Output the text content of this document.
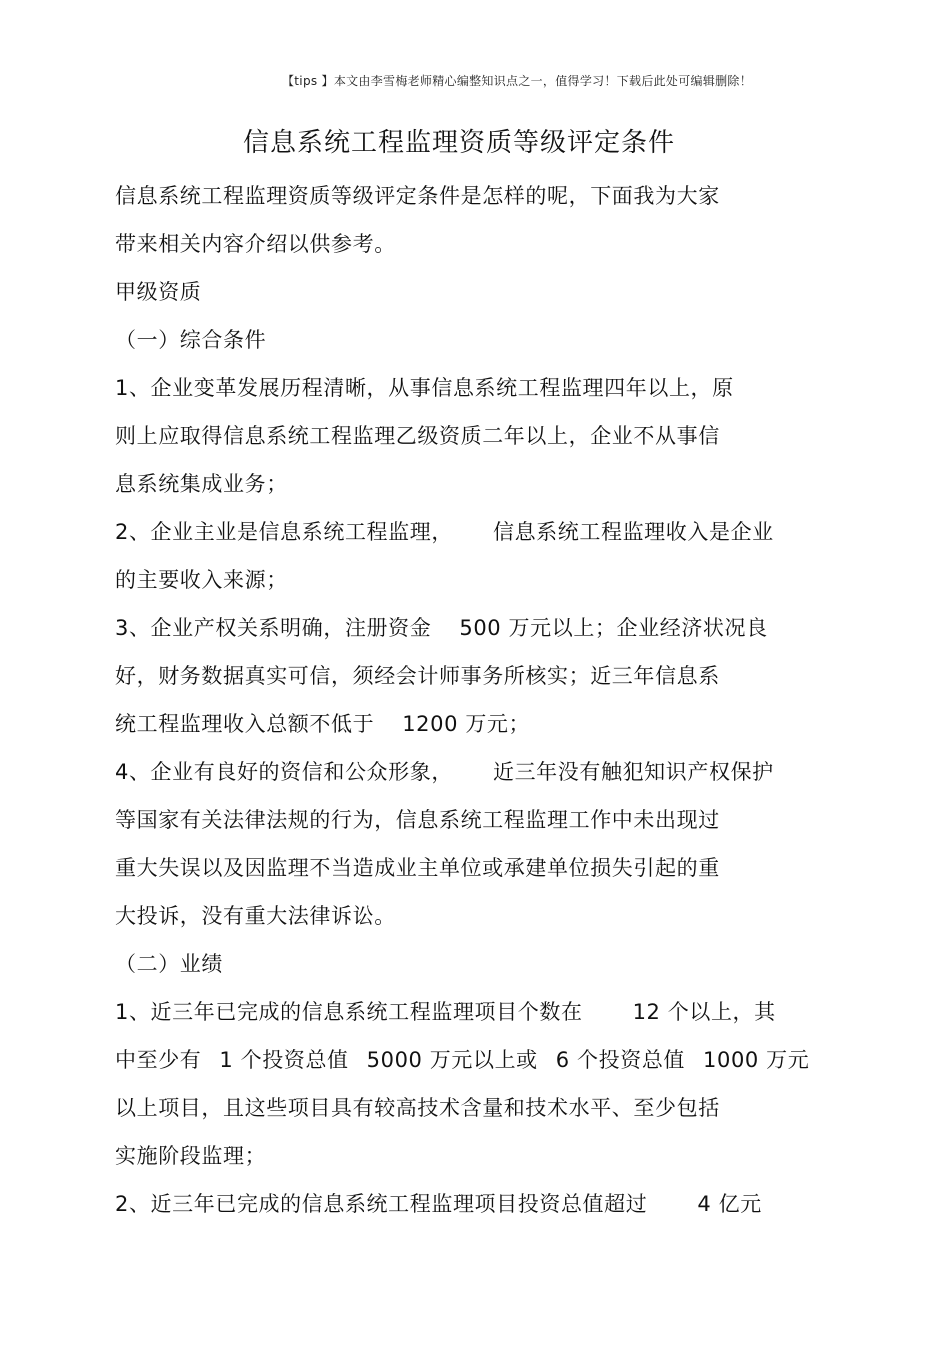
【tips 】本文由李雪梅老师精心编整知识点之一，值得学习！下载后此处可编辑删除！
信息系统工程监理资质等级评定条件
信息系统工程监理资质等级评定条件是怎样的呢，下面我为大家
带来相关内容介绍以供参考。
甲级资质
（一）综合条件
1、企业变革发展历程清晰，从事信息系统工程监理四年以上，原
则上应取得信息系统工程监理乙级资质二年以上，企业不从事信
息系统集成业务；
2、企业主业是信息系统工程监理， 信息系统工程监理收入是企业
的主要收入来源；
3、企业产权关系明确，注册资金 500 万元以上；企业经济状况良
好，财务数据真实可信，须经会计师事务所核实；近三年信息系
统工程监理收入总额不低于 1200 万元；
4、企业有良好的资信和公众形象， 近三年没有触犯知识产权保护
等国家有关法律法规的行为，信息系统工程监理工作中未出现过
重大失误以及因监理不当造成业主单位或承建单位损失引起的重
大投诉，没有重大法律诉讼。
（二）业绩
1、近三年已完成的信息系统工程监理项目个数在 12 个以上，其
中至少有 1 个投资总值 5000 万元以上或 6 个投资总值 1000 万元
以上项目，且这些项目具有较高技术含量和技术水平、至少包括
实施阶段监理；
2、近三年已完成的信息系统工程监理项目投资总值超过 4 亿元
